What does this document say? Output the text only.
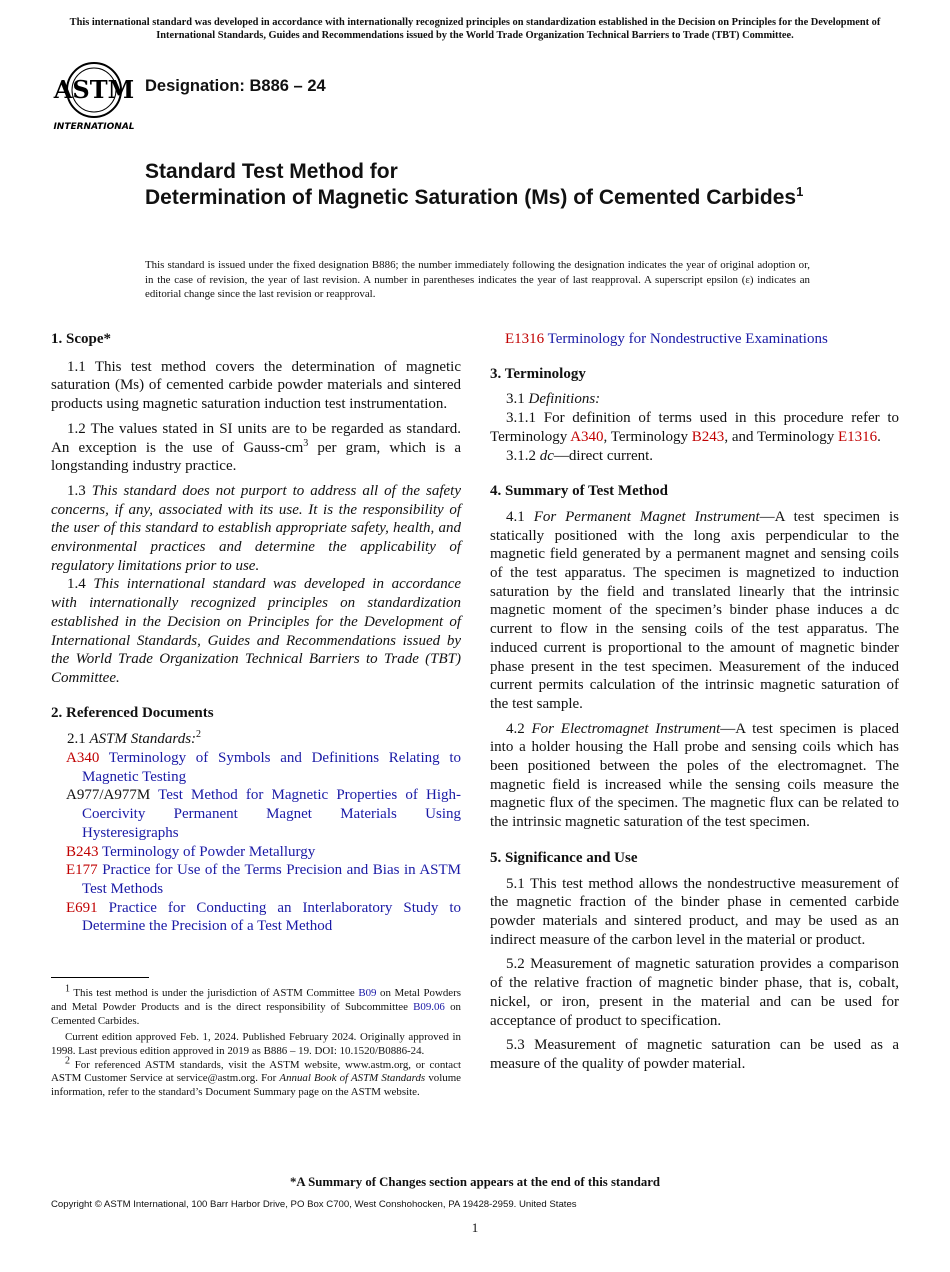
This international standard was developed in accordance with internationally recognized principles on standardization established in the Decision on Principles for the Development of International Standards, Guides and Recommendations issued by the World Trade Organization Technical Barriers to Trade (TBT) Committee.
ASTM
INTERNATIONAL
Designation: B886 – 24
Standard Test Method for
Determination of Magnetic Saturation (Ms) of Cemented Carbides$^1$
This standard is issued under the fixed designation B886; the number immediately following the designation indicates the year of original adoption or, in the case of revision, the year of last revision. A number in parentheses indicates the year of last reapproval. A superscript epsilon (ε) indicates an editorial change since the last revision or reapproval.

1. Scope*

1.1 This test method covers the determination of magnetic saturation (Ms) of cemented carbide powder materials and sintered products using magnetic saturation induction test instrumentation.

1.2 The values stated in SI units are to be regarded as standard. An exception is the use of Gauss-$cm^3$ per gram, which is a longstanding industry practice.

1.3 This standard does not purport to address all of the safety concerns, if any, associated with its use. It is the responsibility of the user of this standard to establish appropriate safety, health, and environmental practices and determine the applicability of regulatory limitations prior to use.

1.4 This international standard was developed in accordance with internationally recognized principles on standardization established in the Decision on Principles for the Development of International Standards, Guides and Recommendations issued by the World Trade Organization Technical Barriers to Trade (TBT) Committee.

2. Referenced Documents

2.1 ASTM Standards:$^2$

A340 Terminology of Symbols and Definitions Relating to Magnetic Testing

A977/A977M Test Method for Magnetic Properties of High-Coercivity Permanent Magnet Materials Using Hysteresigraphs

B243 Terminology of Powder Metallurgy

E177 Practice for Use of the Terms Precision and Bias in ASTM Test Methods

E691 Practice for Conducting an Interlaboratory Study to Determine the Precision of a Test Method

E1316 Terminology for Nondestructive Examinations

3. Terminology

3.1 Definitions:

3.1.1 For definition of terms used in this procedure refer to Terminology A340, Terminology B243, and Terminology E1316.

3.1.2 dc—direct current.

4. Summary of Test Method

4.1 For Permanent Magnet Instrument—A test specimen is statically positioned with the long axis perpendicular to the magnetic field generated by a permanent magnet and sensing coils of the test apparatus. The specimen is magnetized to induction saturation by the field and translated linearly that the intrinsic magnetic moment of the specimen’s binder phase induces a dc current to flow in the sensing coils of the test apparatus. The induced current is proportional to the amount of magnetic binder phase present in the test specimen. Measurement of the induced current permits calculation of the intrinsic magnetic saturation of the test sample.

4.2 For Electromagnet Instrument—A test specimen is placed into a holder housing the Hall probe and sensing coils which has been positioned between the poles of the electromagnet. The magnetic field is increased while the sensing coils measure the magnetic flux of the specimen. The magnetic flux can be related to the intrinsic magnetic saturation of the test specimen.

5. Significance and Use

5.1 This test method allows the nondestructive measurement of the magnetic fraction of the binder phase in cemented carbide powder materials and sintered product, and may be used as an indirect measure of the carbon level in the material or product.

5.2 Measurement of magnetic saturation provides a comparison of the relative fraction of magnetic binder phase, that is, cobalt, nickel, or iron, present in the material and can be used for acceptance of product to specification.

5.3 Measurement of magnetic saturation can be used as a measure of the quality of powder material.

$^1$ This test method is under the jurisdiction of ASTM Committee B09 on Metal Powders and Metal Powder Products and is the direct responsibility of Subcommittee B09.06 on Cemented Carbides.

Current edition approved Feb. 1, 2024. Published February 2024. Originally approved in 1998. Last previous edition approved in 2019 as B886 – 19. DOI: 10.1520/B0886-24.

$^2$ For referenced ASTM standards, visit the ASTM website, www.astm.org, or contact ASTM Customer Service at service@astm.org. For Annual Book of ASTM Standards volume information, refer to the standard’s Document Summary page on the ASTM website.

*A Summary of Changes section appears at the end of this standard
Copyright © ASTM International, 100 Barr Harbor Drive, PO Box C700, West Conshohocken, PA 19428-2959. United States
1
